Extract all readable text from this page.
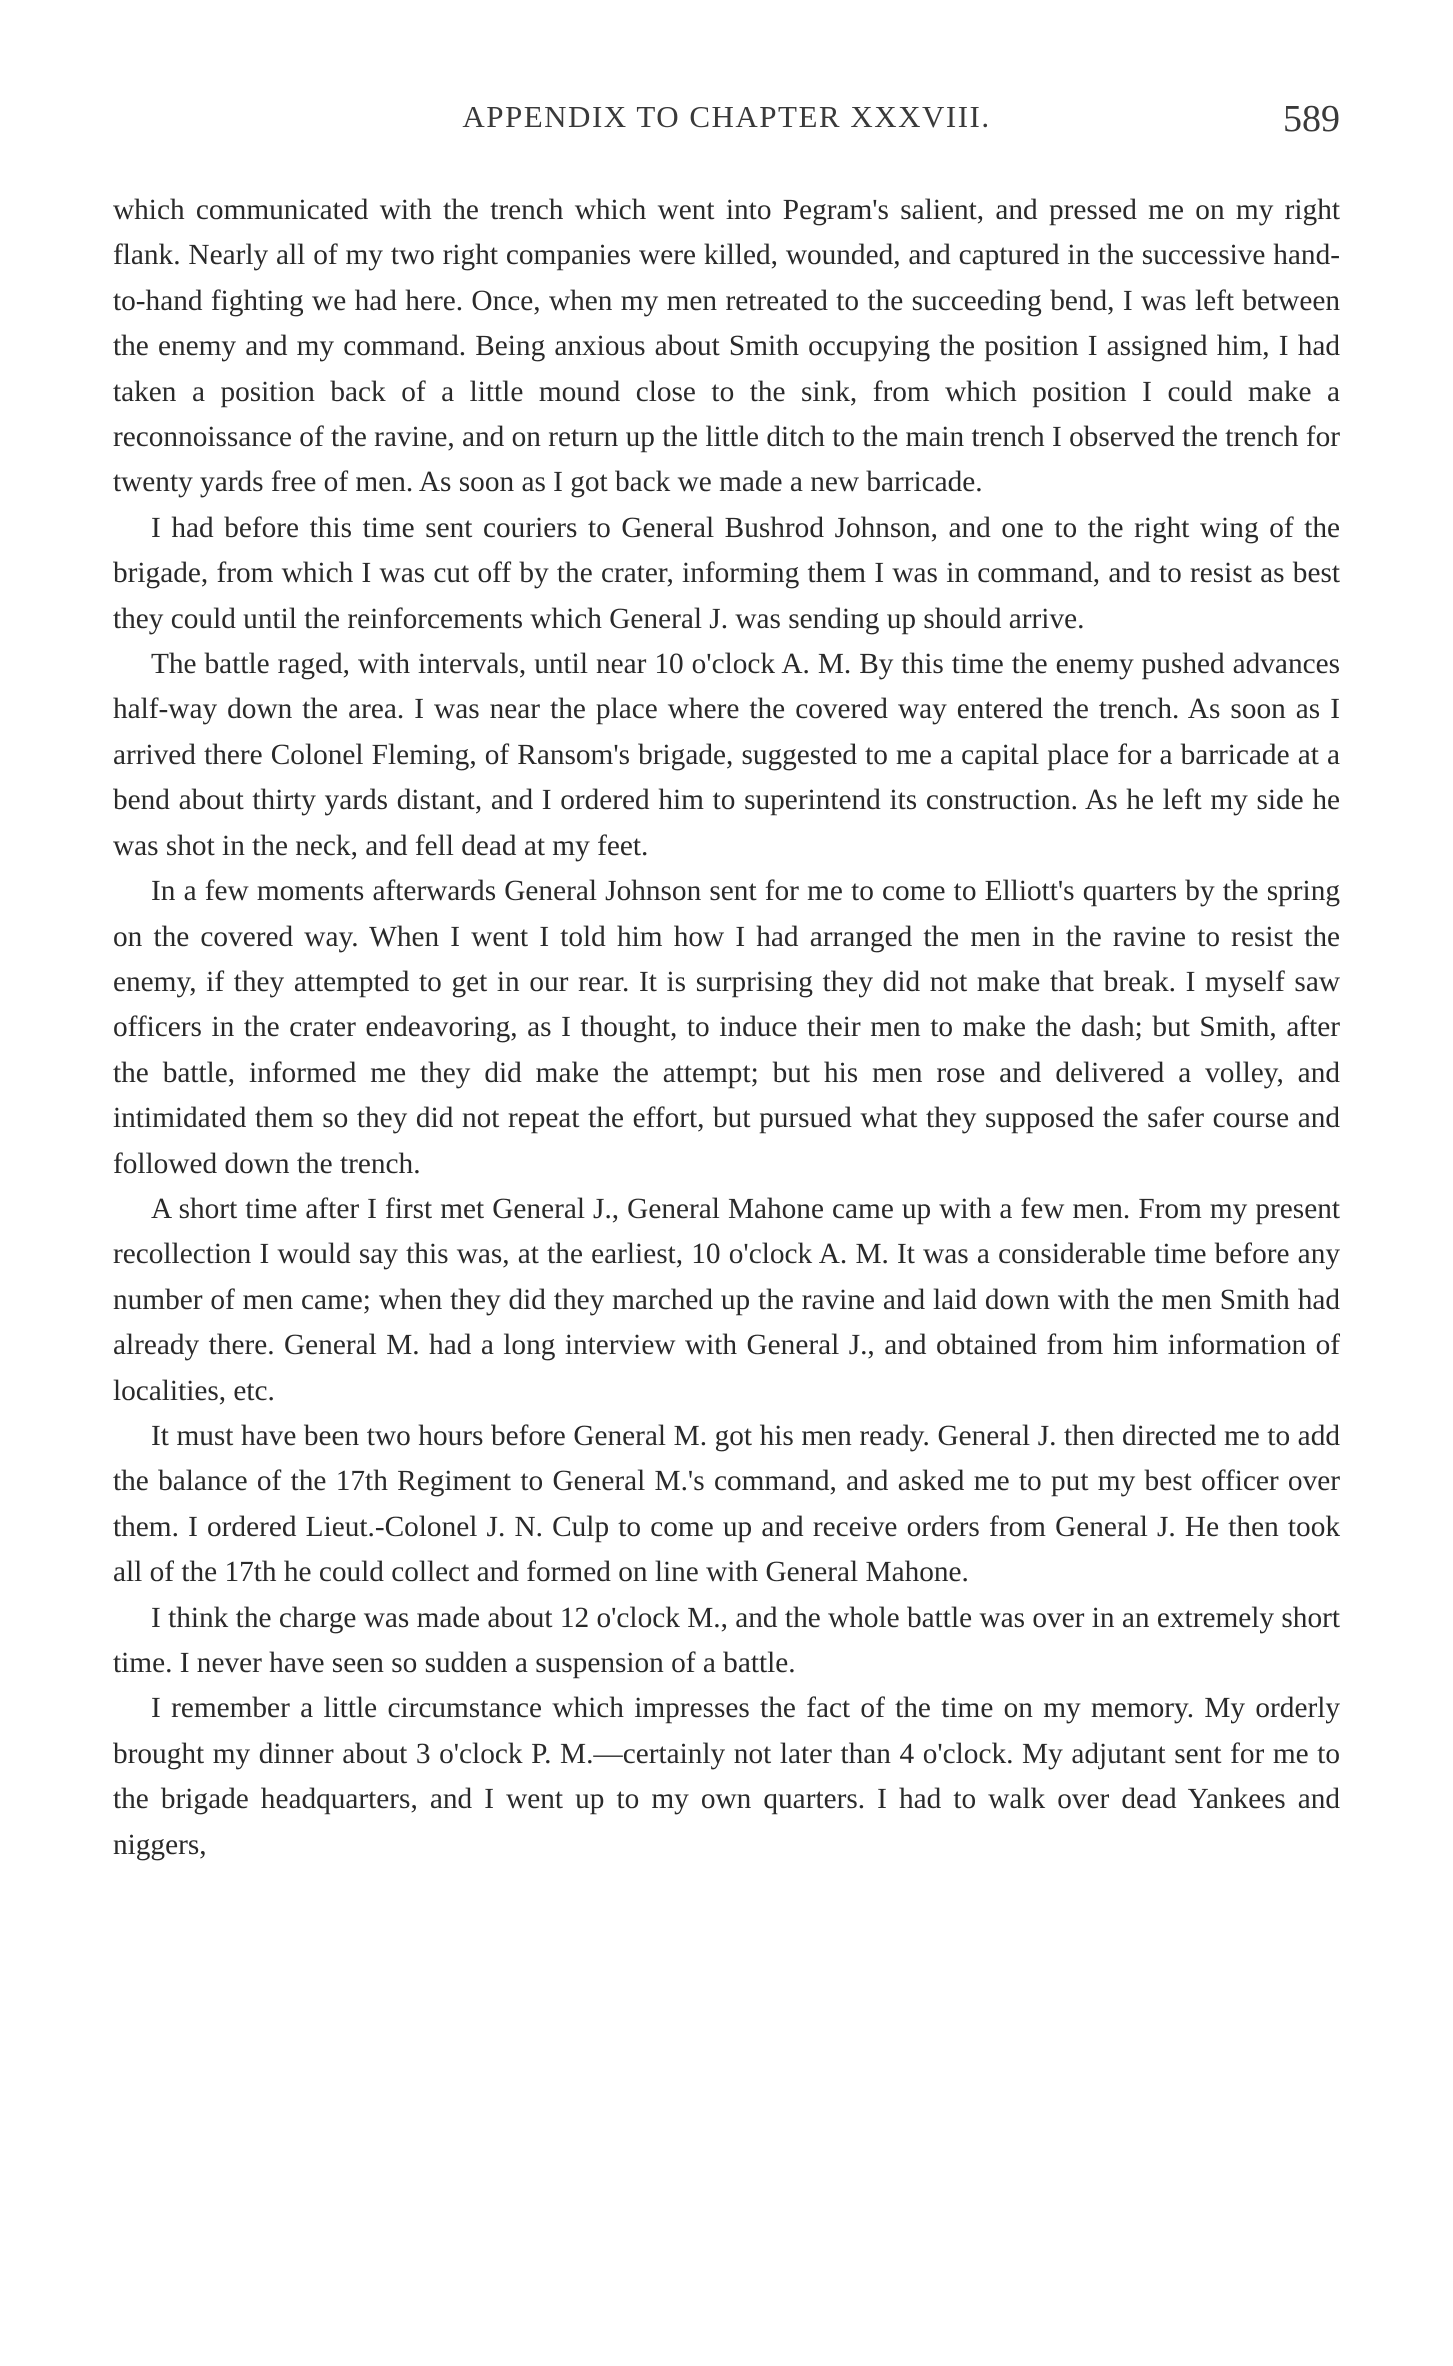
APPENDIX TO CHAPTER XXXVIII.	589

which communicated with the trench which went into Pegram's salient, and pressed me on my right flank. Nearly all of my two right companies were killed, wounded, and captured in the successive hand-to-hand fighting we had here. Once, when my men retreated to the succeeding bend, I was left between the enemy and my command. Being anxious about Smith occupying the position I assigned him, I had taken a position back of a little mound close to the sink, from which position I could make a reconnoissance of the ravine, and on return up the little ditch to the main trench I observed the trench for twenty yards free of men. As soon as I got back we made a new barricade.

I had before this time sent couriers to General Bushrod Johnson, and one to the right wing of the brigade, from which I was cut off by the crater, informing them I was in command, and to resist as best they could until the reinforcements which General J. was sending up should arrive.

The battle raged, with intervals, until near 10 o'clock A. M. By this time the enemy pushed advances half-way down the area. I was near the place where the covered way entered the trench. As soon as I arrived there Colonel Fleming, of Ransom's brigade, suggested to me a capital place for a barricade at a bend about thirty yards distant, and I ordered him to superintend its construction. As he left my side he was shot in the neck, and fell dead at my feet.

In a few moments afterwards General Johnson sent for me to come to Elliott's quarters by the spring on the covered way. When I went I told him how I had arranged the men in the ravine to resist the enemy, if they attempted to get in our rear. It is surprising they did not make that break. I myself saw officers in the crater endeavoring, as I thought, to induce their men to make the dash; but Smith, after the battle, informed me they did make the attempt; but his men rose and delivered a volley, and intimidated them so they did not repeat the effort, but pursued what they supposed the safer course and followed down the trench.

A short time after I first met General J., General Mahone came up with a few men. From my present recollection I would say this was, at the earliest, 10 o'clock A. M. It was a considerable time before any number of men came; when they did they marched up the ravine and laid down with the men Smith had already there. General M. had a long interview with General J., and obtained from him information of localities, etc.

It must have been two hours before General M. got his men ready. General J. then directed me to add the balance of the 17th Regiment to General M.'s command, and asked me to put my best officer over them. I ordered Lieut.-Colonel J. N. Culp to come up and receive orders from General J. He then took all of the 17th he could collect and formed on line with General Mahone.

I think the charge was made about 12 o'clock M., and the whole battle was over in an extremely short time. I never have seen so sudden a suspension of a battle.

I remember a little circumstance which impresses the fact of the time on my memory. My orderly brought my dinner about 3 o'clock P. M.—certainly not later than 4 o'clock. My adjutant sent for me to the brigade headquarters, and I went up to my own quarters. I had to walk over dead Yankees and niggers,
